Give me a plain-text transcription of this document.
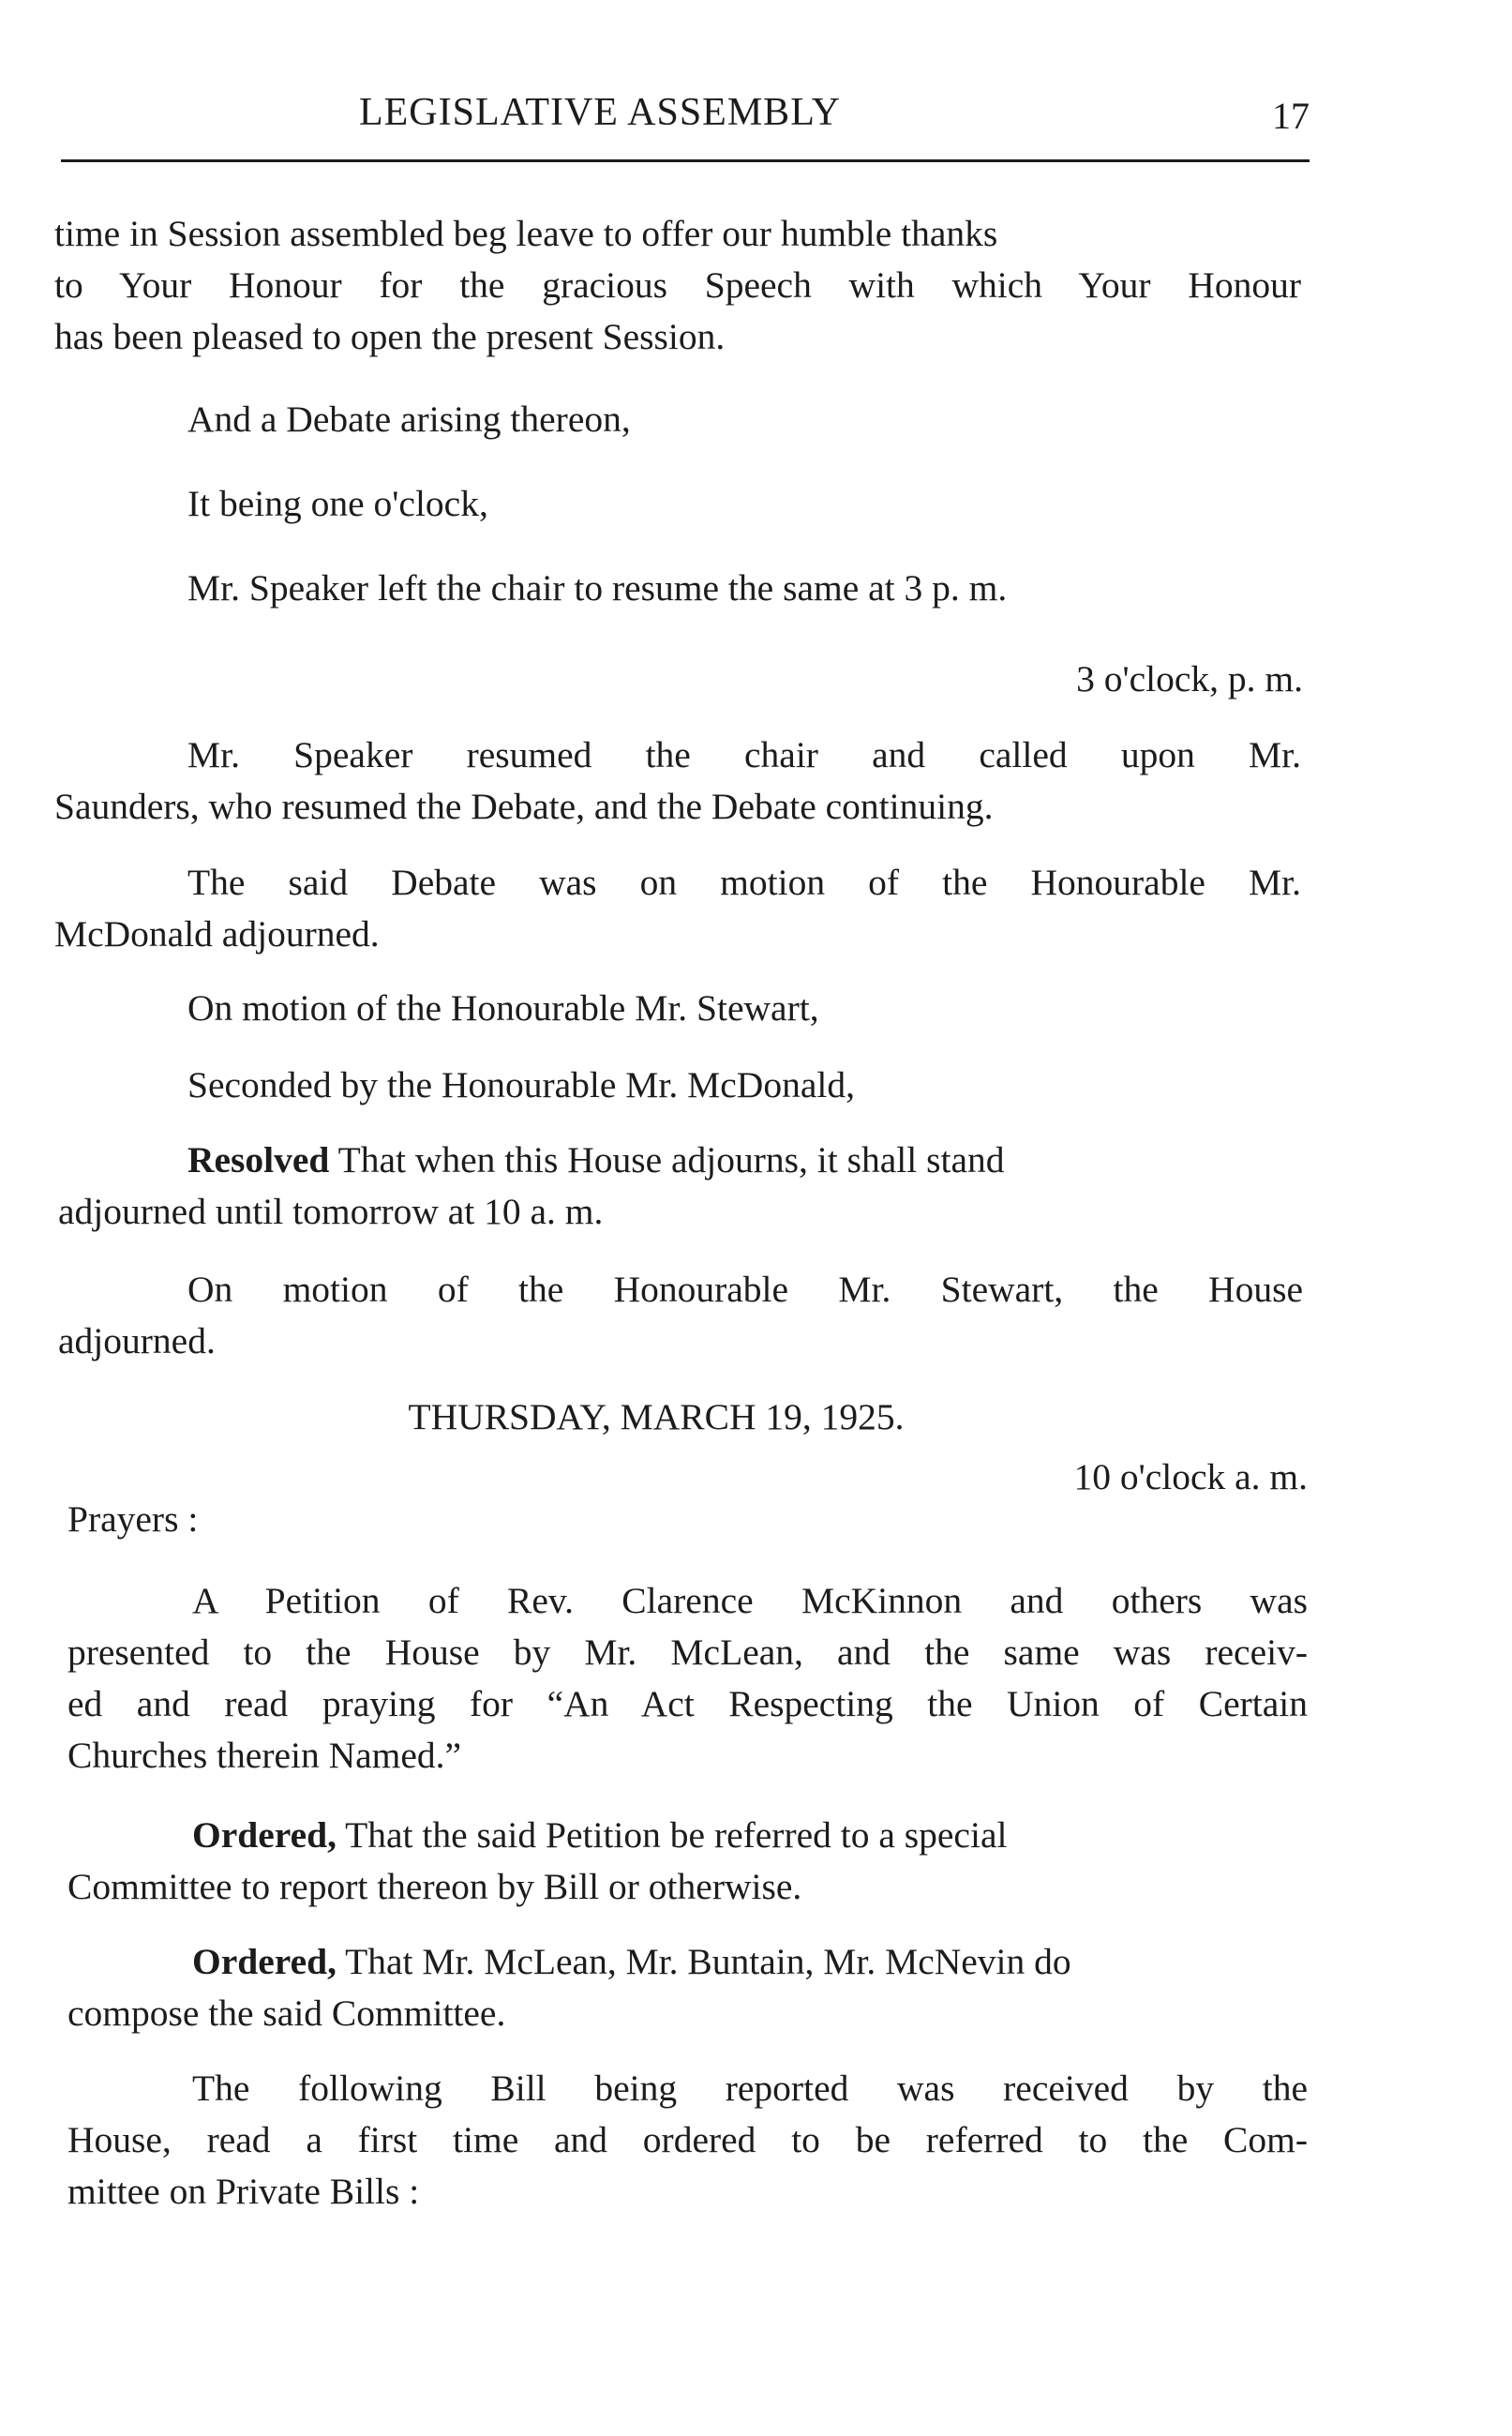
LEGISLATIVE ASSEMBLY	17
time in Session assembled beg leave to offer our humble thanks
to Your Honour for the gracious Speech with which Your Honour
has been pleased to open the present Session.
And a Debate arising thereon,
It being one o'clock,
Mr. Speaker left the chair to resume the same at 3 p. m.
3 o'clock, p. m.
Mr. Speaker resumed the chair and called upon Mr.
Saunders, who resumed the Debate, and the Debate continuing.
The said Debate was on motion of the Honourable Mr.
McDonald adjourned.
On motion of the Honourable Mr. Stewart,
Seconded by the Honourable Mr. McDonald,
Resolved That when this House adjourns, it shall stand
adjourned until tomorrow at 10 a. m.
On motion of the Honourable Mr. Stewart, the House
adjourned.
THURSDAY, MARCH 19, 1925.
10 o'clock a. m.
Prayers :
A Petition of Rev. Clarence McKinnon and others was
presented to the House by Mr. McLean, and the same was receiv-
ed and read praying for “An Act Respecting the Union of Certain
Churches therein Named.”
Ordered, That the said Petition be referred to a special
Committee to report thereon by Bill or otherwise.
Ordered, That Mr. McLean, Mr. Buntain, Mr. McNevin do
compose the said Committee.
The following Bill being reported was received by the
House, read a first time and ordered to be referred to the Com-
mittee on Private Bills :
